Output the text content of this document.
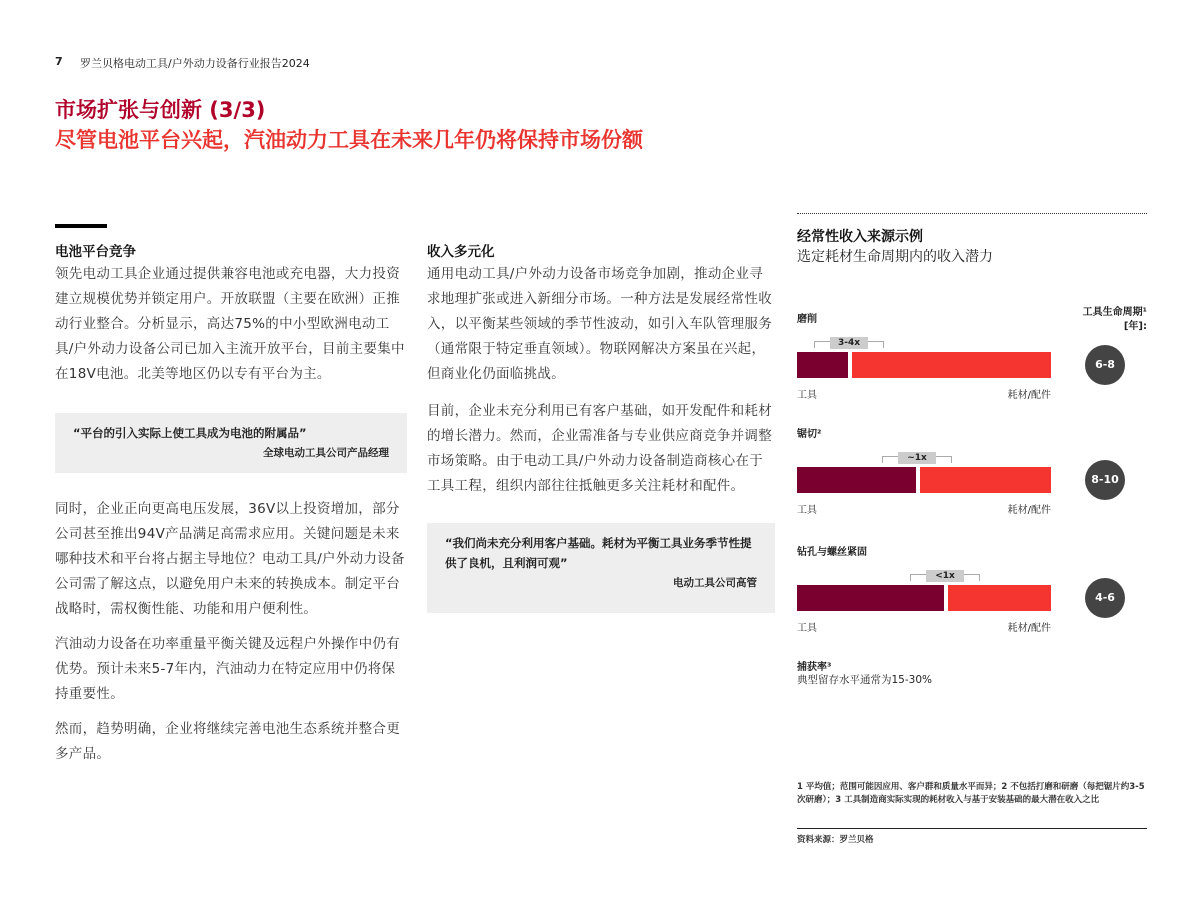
7 罗兰贝格电动工具/户外动力设备行业报告2024
市场扩张与创新 (3/3)
尽管电池平台兴起，汽油动力工具在未来几年仍将保持市场份额
电池平台竞争
领先电动工具企业通过提供兼容电池或充电器，大力投资建立规模优势并锁定用户。开放联盟（主要在欧洲）正推动行业整合。分析显示，高达75%的中小型欧洲电动工具/户外动力设备公司已加入主流开放平台，目前主要集中在18V电池。北美等地区仍以专有平台为主。
“平台的引入实际上使工具成为电池的附属品”
全球电动工具公司产品经理
同时，企业正向更高电压发展，36V以上投资增加，部分公司甚至推出94V产品满足高需求应用。关键问题是未来哪种技术和平台将占据主导地位？电动工具/户外动力设备公司需了解这点，以避免用户未来的转换成本。制定平台战略时，需权衡性能、功能和用户便利性。
汽油动力设备在功率重量平衡关键及远程户外操作中仍有优势。预计未来5-7年内，汽油动力在特定应用中仍将保持重要性。
然而，趋势明确，企业将继续完善电池生态系统并整合更多产品。
收入多元化
通用电动工具/户外动力设备市场竞争加剧，推动企业寻求地理扩张或进入新细分市场。一种方法是发展经常性收入，以平衡某些领域的季节性波动，如引入车队管理服务（通常限于特定垂直领域）。物联网解决方案虽在兴起，但商业化仍面临挑战。
目前，企业未充分利用已有客户基础，如开发配件和耗材的增长潜力。然而，企业需准备与专业供应商竞争并调整市场策略。由于电动工具/户外动力设备制造商核心在于工具工程，组织内部往往抵触更多关注耗材和配件。
“我们尚未充分利用客户基础。耗材为平衡工具业务季节性提供了良机，且利润可观”
电动工具公司高管
经常性收入来源示例
选定耗材生命周期内的收入潜力
工具生命周期¹ [年]:
磨削
3-4x
工具	耗材/配件
6-8
锯切²
~1x
工具	耗材/配件
8-10
钻孔与螺丝紧固
<1x
工具	耗材/配件
4-6
捕获率³
典型留存水平通常为15-30%
1 平均值；范围可能因应用、客户群和质量水平而异；2 不包括打磨和研磨（每把锯片约3-5次研磨）；3 工具制造商实际实现的耗材收入与基于安装基础的最大潜在收入之比
资料来源：罗兰贝格
